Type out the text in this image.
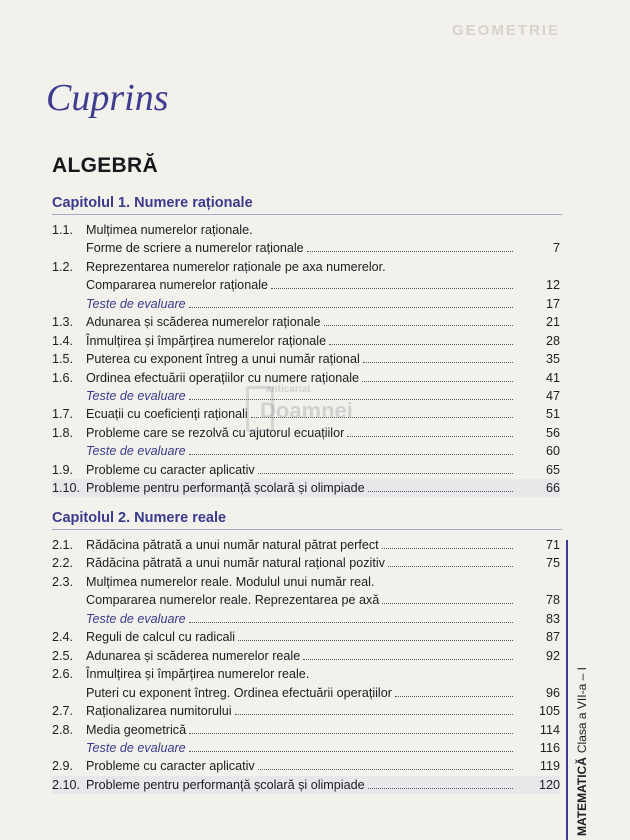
GEOMETRIE
Cuprins
ALGEBRĂ
Capitolul 1. Numere raționale
1.1.	Mulțimea numerelor raționale.
Forme de scriere a numerelor raționale	7
1.2.	Reprezentarea numerelor raționale pe axa numerelor.
Compararea numerelor raționale	12
Teste de evaluare	17
1.3.	Adunarea și scăderea numerelor raționale	21
1.4.	Înmulțirea și împărțirea numerelor raționale	28
1.5.	Puterea cu exponent întreg a unui număr rațional	35
1.6.	Ordinea efectuării operațiilor cu numere raționale	41
Teste de evaluare	47
1.7.	Ecuații cu coeficienți raționali	51
1.8.	Probleme care se rezolvă cu ajutorul ecuațiilor	56
Teste de evaluare	60
1.9.	Probleme cu caracter aplicativ	65
1.10. Probleme pentru performanță școlară și olimpiade	66
Capitolul 2. Numere reale
2.1.	Rădăcina pătrată a unui număr natural pătrat perfect	71
2.2.	Rădăcina pătrată a unui număr natural rațional pozitiv	75
2.3.	Mulțimea numerelor reale. Modulul unui număr real.
Compararea numerelor reale. Reprezentarea pe axă	78
Teste de evaluare	83
2.4.	Reguli de calcul cu radicali	87
2.5.	Adunarea și scăderea numerelor reale	92
2.6.	Înmulțirea și împărțirea numerelor reale.
Puteri cu exponent întreg. Ordinea efectuării operațiilor	96
2.7.	Raționalizarea numitorului	105
2.8.	Media geometrică	114
Teste de evaluare	116
2.9.	Probleme cu caracter aplicativ	119
2.10. Probleme pentru performanță școlară și olimpiade	120
anticariat
Doamnei
MATEMATICĂClasa a VII-a – I
